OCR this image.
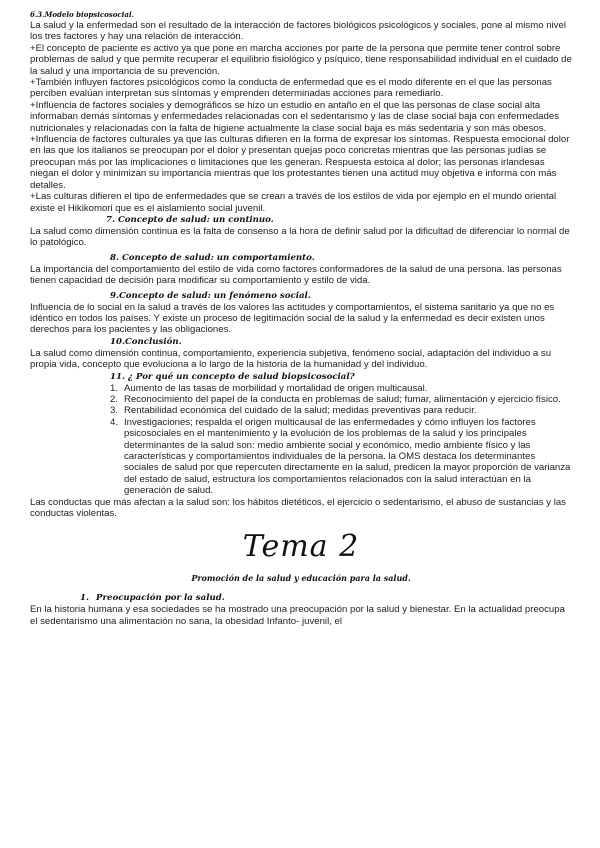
6.3.Modelo biopsicosocial.

La salud y la enfermedad son el resultado de la interacción de factores biológicos psicológicos y sociales, pone al mismo nivel los tres factores y hay una relación de interacción.

+El concepto de paciente es activo ya que pone en marcha acciones por parte de la persona que permite tener control sobre problemas de salud y que permite recuperar el equilibrio fisiológico y psíquico, tiene responsabilidad individual en el cuidado de la salud y una importancia de su prevención.

+También influyen factores psicológicos como la conducta de enfermedad que es el modo diferente en el que las personas perciben evalúan interpretan sus síntomas y emprenden determinadas acciones para remediarlo.

+Influencia de factores sociales y demográficos se hizo un estudio en antaño en el que las personas de clase social alta informaban demás síntomas y enfermedades relacionadas con el sedentarismo y las de clase social baja con enfermedades nutricionales y relacionadas con la falta de higiene actualmente la clase social baja es más sedentaria y son más obesos.

+Influencia de factores culturales ya que las culturas difieren en la forma de expresar los síntomas. Respuesta emocional dolor en las que los italianos se preocupan por el dolor y presentan quejas poco concretas mientras que las personas judías se preocupan más por las implicaciones o limitaciones que les generan. Respuesta estoica al dolor; las personas irlandesas niegan el dolor y minimizan su importancia mientras que los protestantes tienen una actitud muy objetiva e informa con más detalles.

+Las culturas difieren el tipo de enfermedades que se crean a través de los estilos de vida por ejemplo en el mundo oriental existe el Hikikomori que es el aislamiento social juvenil.

7. Concepto de salud: un continuo.

La salud como dimensión continua es la falta de consenso a la hora de definir salud por la dificultad de diferenciar lo normal de lo patológico.

8. Concepto de salud: un comportamiento.

La importancia del comportamiento del estilo de vida como factores conformadores de la salud de una persona. las personas tienen capacidad de decisión para modificar su comportamiento y estilo de vida.

9.Concepto de salud: un fenómeno social.

Influencia de lo social en la salud a través de los valores las actitudes y comportamientos, el sistema sanitario ya que no es idéntico en todos los países. Y existe un proceso de legitimación social de la salud y la enfermedad es decir existen unos derechos para los pacientes y las obligaciones.

10.Conclusión.

La salud como dimensión continua, comportamiento, experiencia subjetiva, fenómeno social, adaptación del individuo a su propia vida, concepto que evoluciona a lo largo de la historia de la humanidad y del individuo.

11. ¿ Por qué un concepto de salud biopsicosocial?

1. Aumento de las tasas de morbilidad y mortalidad de origen multicausal.
2. Reconocimiento del papel de la conducta en problemas de salud; fumar, alimentación y ejercicio físico.
3. Rentabilidad económica del cuidado de la salud; medidas preventivas para reducir.
4. Investigaciones; respalda el origen multicausal de las enfermedades y cómo influyen los factores psicosociales en el mantenimiento y la evolución de los problemas de la salud y los principales determinantes de la salud son: medio ambiente social y económico, medio ambiente físico y las características y comportamientos individuales de la persona. la OMS destaca los determinantes sociales de salud por que repercuten directamente en la salud, predicen la mayor proporción de varianza del estado de salud, estructura los comportamientos relacionados con la salud interactúan en la generación de salud.

Las conductas que más afectan a la salud son: los hábitos dietéticos, el ejercicio o sedentarismo, el abuso de sustancias y las conductas violentas.

Tema 2
Promoción de la salud y educación para la salud.

1. Preocupación por la salud.

En la historia humana y esa sociedades se ha mostrado una preocupación por la salud y bienestar. En la actualidad preocupa el sedentarismo una alimentación no sana, la obesidad Infanto- juvenil, el
